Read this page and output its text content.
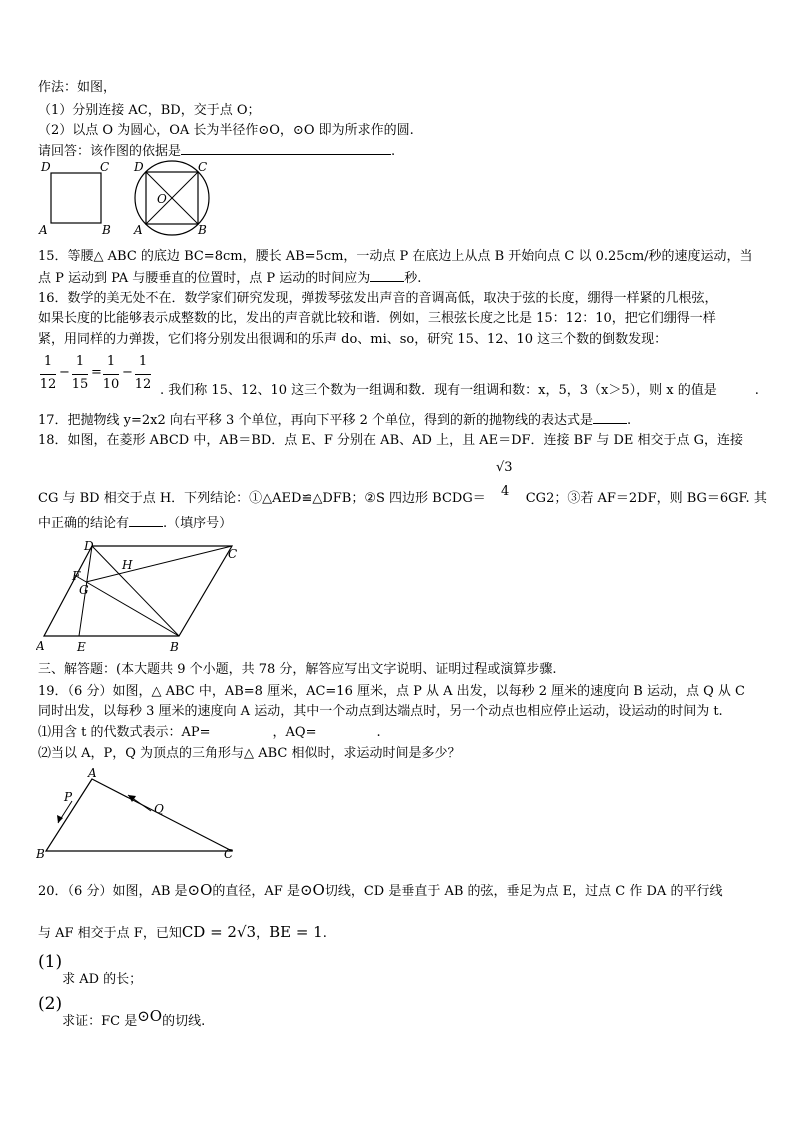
作法：如图，
（1）分别连接 AC，BD，交于点 O；
（2）以点 O 为圆心，OA 长为半径作⊙O，⊙O 即为所求作的圆.
请回答：该作图的依据是	.
D	C
A	B
D	C
O
A	B
15．等腰△ ABC 的底边 BC=8cm，腰长 AB=5cm，一动点 P 在底边上从点 B 开始向点 C 以 0.25cm/秒的速度运动，当
点 P 运动到 PA 与腰垂直的位置时，点 P 运动的时间应为	秒.
16．数学的美无处不在．数学家们研究发现，弹拨琴弦发出声音的音调高低，取决于弦的长度，绷得一样紧的几根弦，
如果长度的比能够表示成整数的比，发出的声音就比较和谐．例如，三根弦长度之比是 15：12：10，把它们绷得一样
紧，用同样的力弹拨，它们将分别发出很调和的乐声 do、mi、so，研究 15、12、10 这三个数的倒数发现：
1
12
−
1
15
=
1
10
−
1
12 . 我们称 15、12、10 这三个数为一组调和数．现有一组调和数：x，5，3（x＞5），则 x 的值是	.
17．把抛物线 y=2x2 向右平移 3 个单位，再向下平移 2 个单位，得到的新的抛物线的表达式是	.
18．如图，在菱形 ABCD 中，AB＝BD．点 E、F 分别在 AB、AD 上，且 AE＝DF．连接 BF 与 DE 相交于点 G，连接
CG 与 BD 相交于点 H．下列结论：①△AED≌△DFB；②S 四边形 BCDG＝	CG2；③若 AF＝2DF，则 BG＝6GF. 其
√3
4
中正确的结论有	.（填序号）
D
C
F
H
G
A	E	B
三、解答题：(本大题共 9 个小题，共 78 分，解答应写出文字说明、证明过程或演算步骤.
19．（6 分）如图，△ ABC 中，AB=8 厘米，AC=16 厘米，点 P 从 A 出发，以每秒 2 厘米的速度向 B 运动，点 Q 从 C
同时出发，以每秒 3 厘米的速度向 A 运动，其中一个动点到达端点时，另一个动点也相应停止运动，设运动的时间为 t.
⑴用含 t 的代数式表示：AP=	，AQ=	.
⑵当以 A，P，Q 为顶点的三角形与△ ABC 相似时，求运动时间是多少？
A
P
Q
B	C
20．（6 分）如图，AB 是⊙O的直径，AF 是⊙O切线，CD 是垂直于 AB 的弦，垂足为点 E，过点 C 作 DA 的平行线
与 AF 相交于点 F，已知CD = 2√3，BE = 1.
(1)求 AD 的长；
(2)求证：FC 是⊙O的切线.
